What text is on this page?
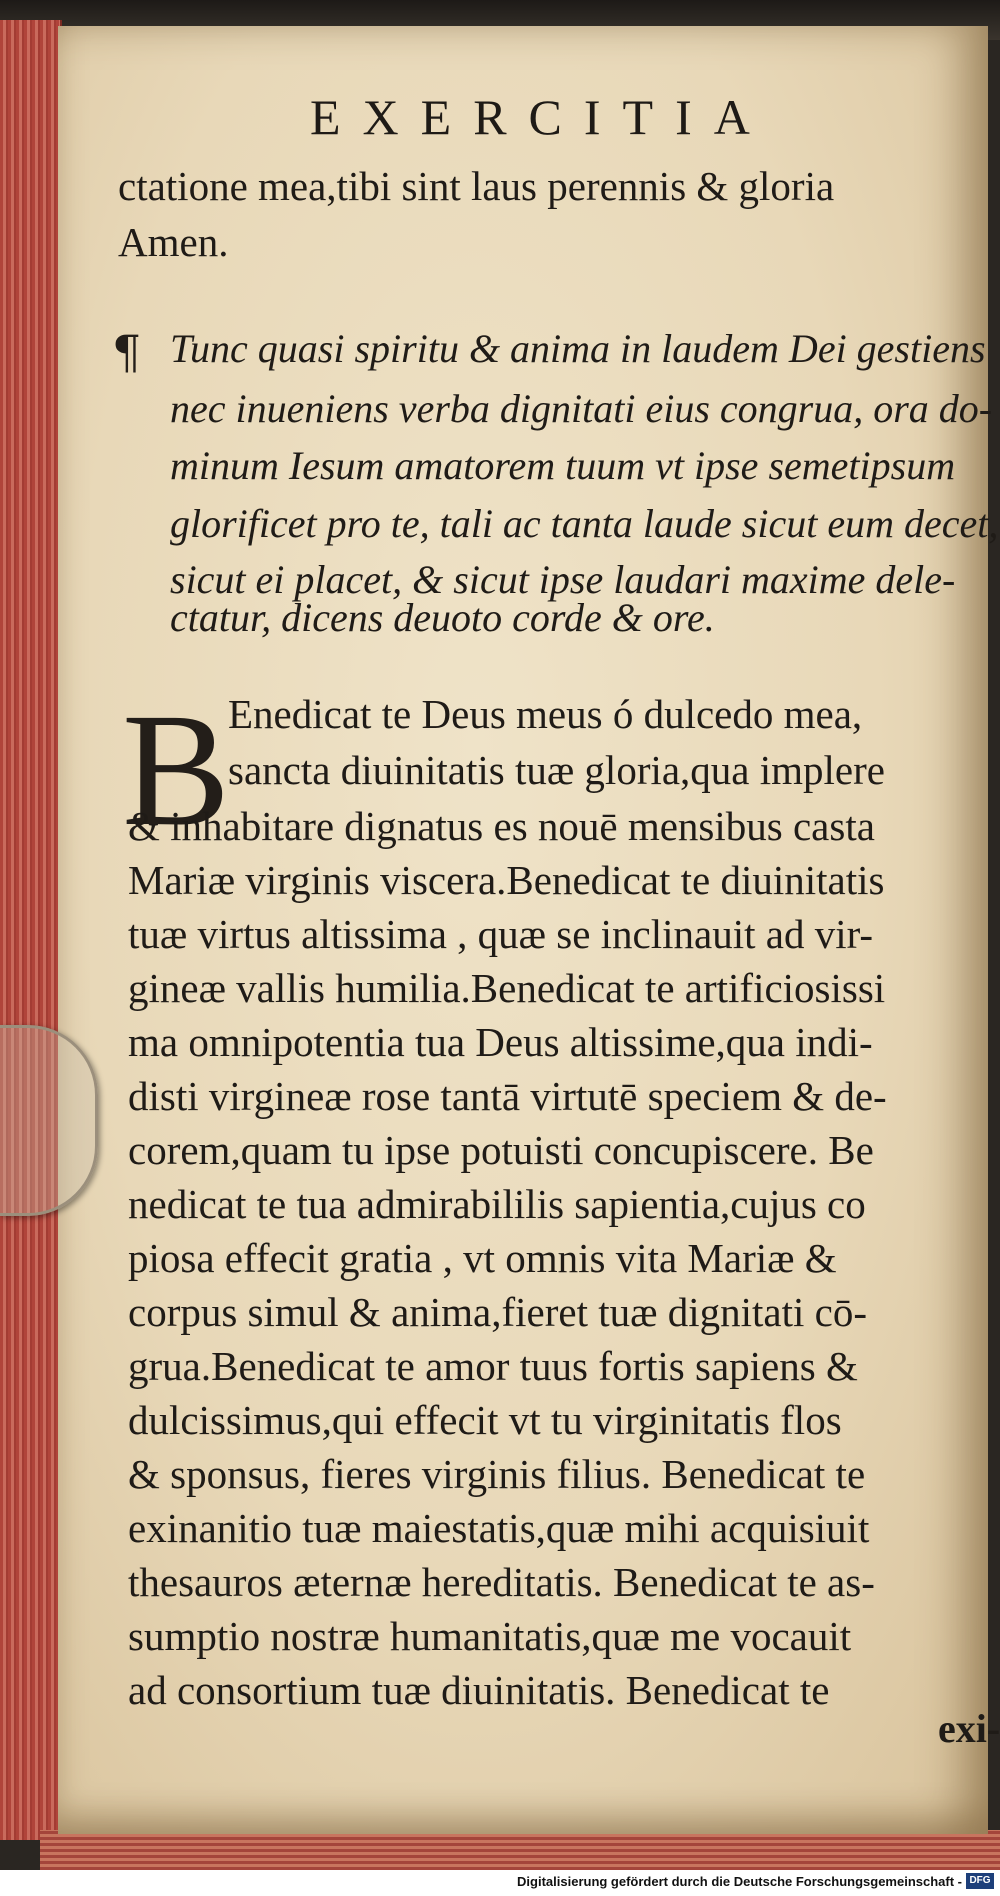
EXERCITIA
ctatione mea,tibi sint laus perennis & gloria
Amen.
¶ Tunc quasi spiritu & anima in laudem Dei gestiens
nec inueniens verba dignitati eius congrua, ora do-
minum Iesum amatorem tuum vt ipse semetipsum
glorificet pro te, tali ac tanta laude sicut eum decet,
sicut ei placet, & sicut ipse laudari maxime dele-
ctatur, dicens deuoto corde & ore.
B
Enedicat te Deus meus ó dulcedo mea,
sancta diuinitatis tuæ gloria,qua implere
& inhabitare dignatus es nouē mensibus casta
Mariæ virginis viscera.Benedicat te diuinitatis
tuæ virtus altissima , quæ se inclinauit ad vir-
gineæ vallis humilia.Benedicat te artificiosissi
ma omnipotentia tua Deus altissime,qua indi-
disti virgineæ rose tantā virtutē speciem & de-
corem,quam tu ipse potuisti concupiscere. Be
nedicat te tua admirabililis sapientia,cujus co
piosa effecit gratia , vt omnis vita Mariæ &
corpus simul & anima,fieret tuæ dignitati cō-
grua.Benedicat te amor tuus fortis sapiens &
dulcissimus,qui effecit vt tu virginitatis flos
& sponsus, fieres virginis filius. Benedicat te
exinanitio tuæ maiestatis,quæ mihi acquisiuit
thesauros æternæ hereditatis. Benedicat te as-
sumptio nostræ humanitatis,quæ me vocauit
ad consortium tuæ diuinitatis. Benedicat te
exi-
Digitalisierung gefördert durch die Deutsche Forschungsgemeinschaft - DFG
